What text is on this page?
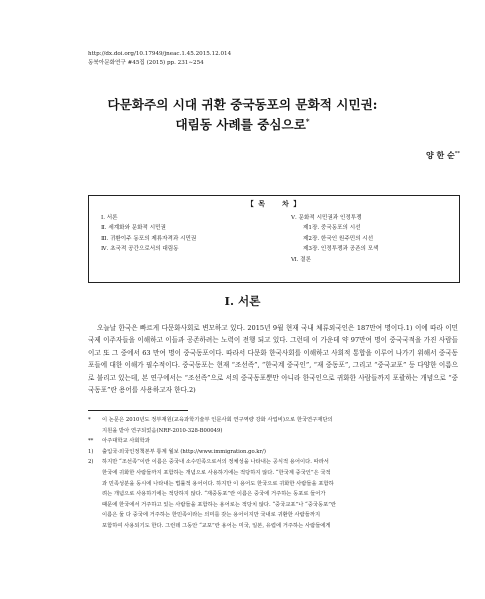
http://dx.doi.org/10.17949/jneac.1.45.2015.12.014
동북아문화연구 #45집 (2015) pp. 231∼254
다문화주의 시대 귀환 중국동포의 문화적 시민권:
대림동 사례를 중심으로*
양 한 순**
【 목　　차 】
Ⅰ. 서론
Ⅱ. 세계화와 문화적 시민권
Ⅲ. 귀환이주 동포의 제류자격과 시민권
Ⅳ. 초국적 공간으로서의 대림동
Ⅴ. 문화적 시민권과 인정투쟁
제1장. 중국동포의 시선
제2장. 한국인 원주민의 시선
제3장. 인정투쟁과 공존의 모색
Ⅵ. 결론
Ⅰ. 서론

오늘날 한국은 빠르게 다문화사회로 변모하고 있다. 2015년 9월 현재 국내 체류외국인은 187만여 명이다.1) 이에 따라 이민 국제 이주자들을 이해하고 이들과 공존하려는 노력이 전행 되고 있다. 그런데 이 가운데 약 97만여 명이 중국국적을 가진 사람들이고 또 그 중에서 63 만여 명이 중국동포이다. 따라서 다문화 한국사회를 이해하고 사회적 통합을 이루어 나가기 위해서 중국동포들에 대한 이해가 필수적이다. 중국동포는 현재 “조선족”, “한국계 중국인”, “재 중동포”, 그리고 “중국교포” 등 다양한 이름으로 불리고 있는데, 본 연구에서는 “조선족”으로 서의 중국동포뿐만 아니라 한국인으로 귀화한 사람들까지 포괄하는 개념으로 “중국동포”란 용어를 사용하고자 한다.2)

*	이 논문은 2010년도 정부재원(교육과학기술부 인문사회 연구역량 강화 사업비)으로 한국연구재단의
지원을 받아 연구되었음(NRF-2010-328-B00049)
**	아주대학교 사회학과
1)	출입국·외국인정책본부 통계 월보 (http://www.immigration.go.kr/)
2)	하지만 “조선족”이란 이름은 중국내 소수민족으로서의 정체성을 나타내는 공식적 용어이다. 따라서
한국에 귀화한 사람들까지 포함하는 개념으로 사용하기에는 적당하지 않다. “한국계 중국인”은 국적
과 민족성분을 동시에 나타내는 법률적 용어이다. 하지만 이 용어도 한국으로 귀화한 사람들을 포함하
려는 개념으로 사용하기에는 적당하지 않다. “재중동포”란 이름은 중국에 거주하는 동포로 들어가
때문에 한국에서 거주하고 있는 사람들을 포함하는 용어로는 적당치 않다. “중국교포”나 “중국동포”란
이름은 둘 다 중국에 거주하는 한민족이라는 의미를 갖는 용어이지만 국내로 귀환한 사람들까지
포함하여 사용되기도 한다. 그런데 그동안 “교포”란 용어는 미국, 일본, 유럽에 거주하는 사람들에게
